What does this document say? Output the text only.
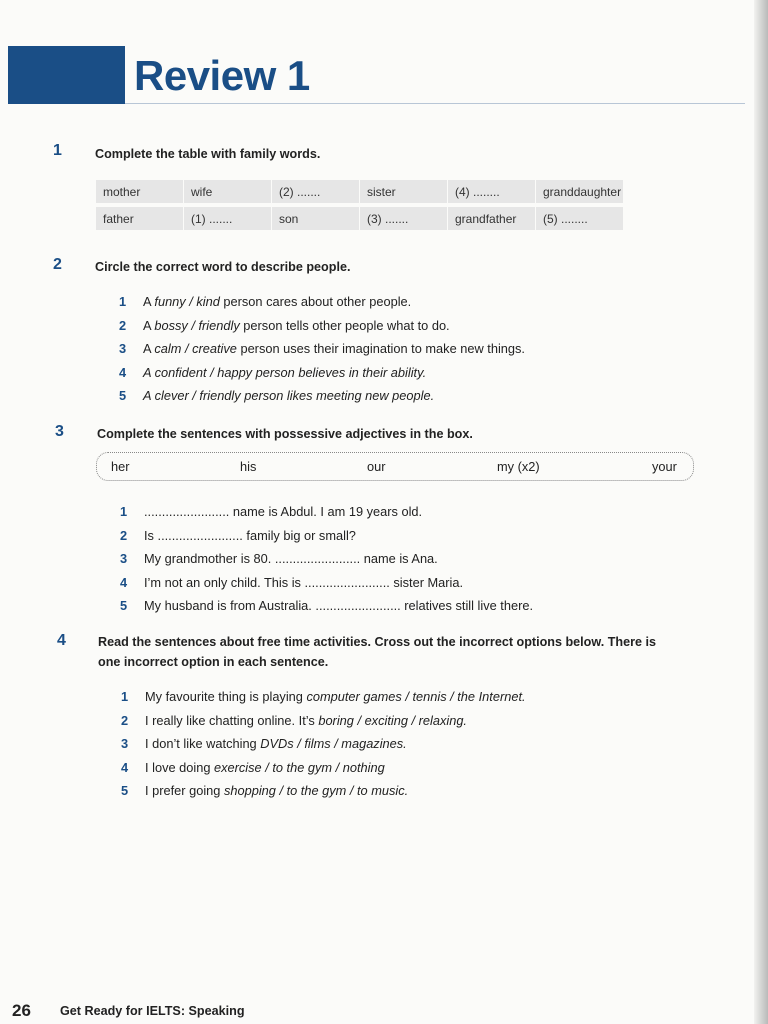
Review 1
1	Complete the table with family words.
mother	wife	(2) .......	sister	(4) ........	granddaughter
father	(1) .......	son	(3) .......	grandfather	(5) ........
2	Circle the correct word to describe people.
1 A funny / kind person cares about other people.
2 A bossy / friendly person tells other people what to do.
3 A calm / creative person uses their imagination to make new things.
4 A confident / happy person believes in their ability.
5 A clever / friendly person likes meeting new people.
3	Complete the sentences with possessive adjectives in the box.
her	his	our	my (x2)	your
1 ........................ name is Abdul. I am 19 years old.
2 Is ........................ family big or small?
3 My grandmother is 80. ........................ name is Ana.
4 I’m not an only child. This is ........................ sister Maria.
5 My husband is from Australia. ........................ relatives still live there.
4	Read the sentences about free time activities. Cross out the incorrect options below. There is
one incorrect option in each sentence.
1 My favourite thing is playing computer games / tennis / the Internet.
2 I really like chatting online. It’s boring / exciting / relaxing.
3 I don’t like watching DVDs / films / magazines.
4 I love doing exercise / to the gym / nothing
5 I prefer going shopping / to the gym / to music.
26 Get Ready for IELTS: Speaking
